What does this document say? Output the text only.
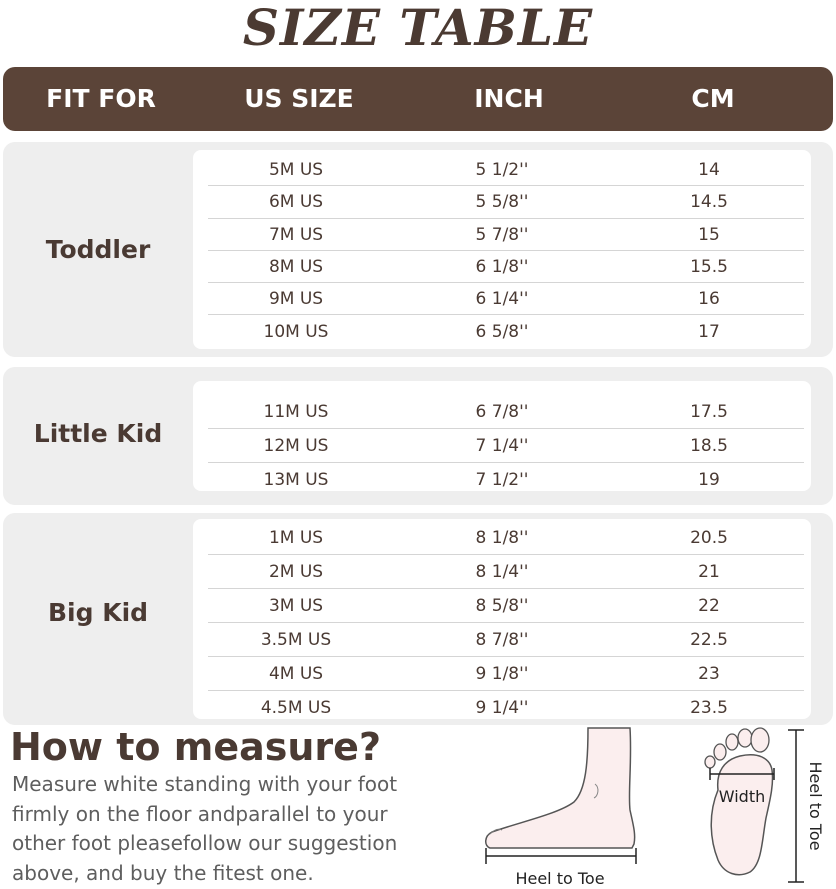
SIZE TABLE
FIT FOR	US SIZE	INCH	CM
Toddler
5M US	5 1/2''	14
6M US	5 5/8''	14.5
7M US	5 7/8''	15
8M US	6 1/8''	15.5
9M US	6 1/4''	16
10M US	6 5/8''	17
Little Kid
11M US	6 7/8''	17.5
12M US	7 1/4''	18.5
13M US	7 1/2''	19
Big Kid
1M US	8 1/8''	20.5
2M US	8 1/4''	21
3M US	8 5/8''	22
3.5M US	8 7/8''	22.5
4M US	9 1/8''	23
4.5M US	9 1/4''	23.5
How to measure?
Measure white standing with your foot firmly on the floor andparallel to your other foot pleasefollow our suggestion above, and buy the fitest one.	Heel to Toe
Width	Heel to Toe
